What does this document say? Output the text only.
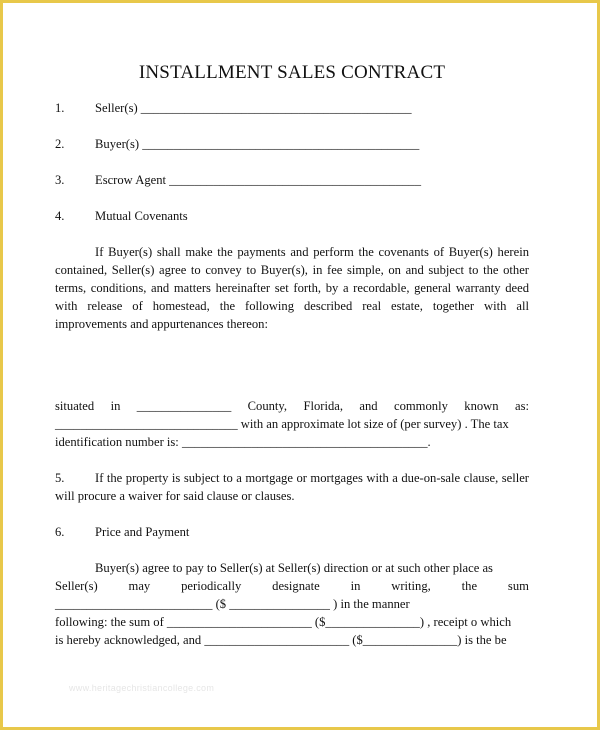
INSTALLMENT SALES CONTRACT
1.	Seller(s) ___________________________________________
2.	Buyer(s) ____________________________________________
3.	Escrow Agent ________________________________________
4.	Mutual Covenants

If Buyer(s) shall make the payments and perform the covenants of Buyer(s) herein contained, Seller(s) agree to convey to Buyer(s), in fee simple, on and subject to the other terms, conditions, and matters hereinafter set forth, by a recordable, general warranty deed with release of homestead, the following described real estate, together with all improvements and appurtenances thereon:

situated in _______________ County, Florida, and commonly known as:
_____________________________ with an approximate lot size of (per survey) . The tax
identification number is: _______________________________________.

5. If the property is subject to a mortgage or mortgages with a due-on-sale clause, seller will procure a waiver for said clause or clauses.

6.	Price and Payment
Buyer(s) agree to pay to Seller(s) at Seller(s) direction or at such other place as
Seller(s) may periodically designate in writing, the sum
_________________________ ($ ________________ ) in the manner
following: the sum of _______________________ ($_______________) , receipt o which
is hereby acknowledged, and _______________________ ($_______________) is the be
www.heritagechristiancollege.com
